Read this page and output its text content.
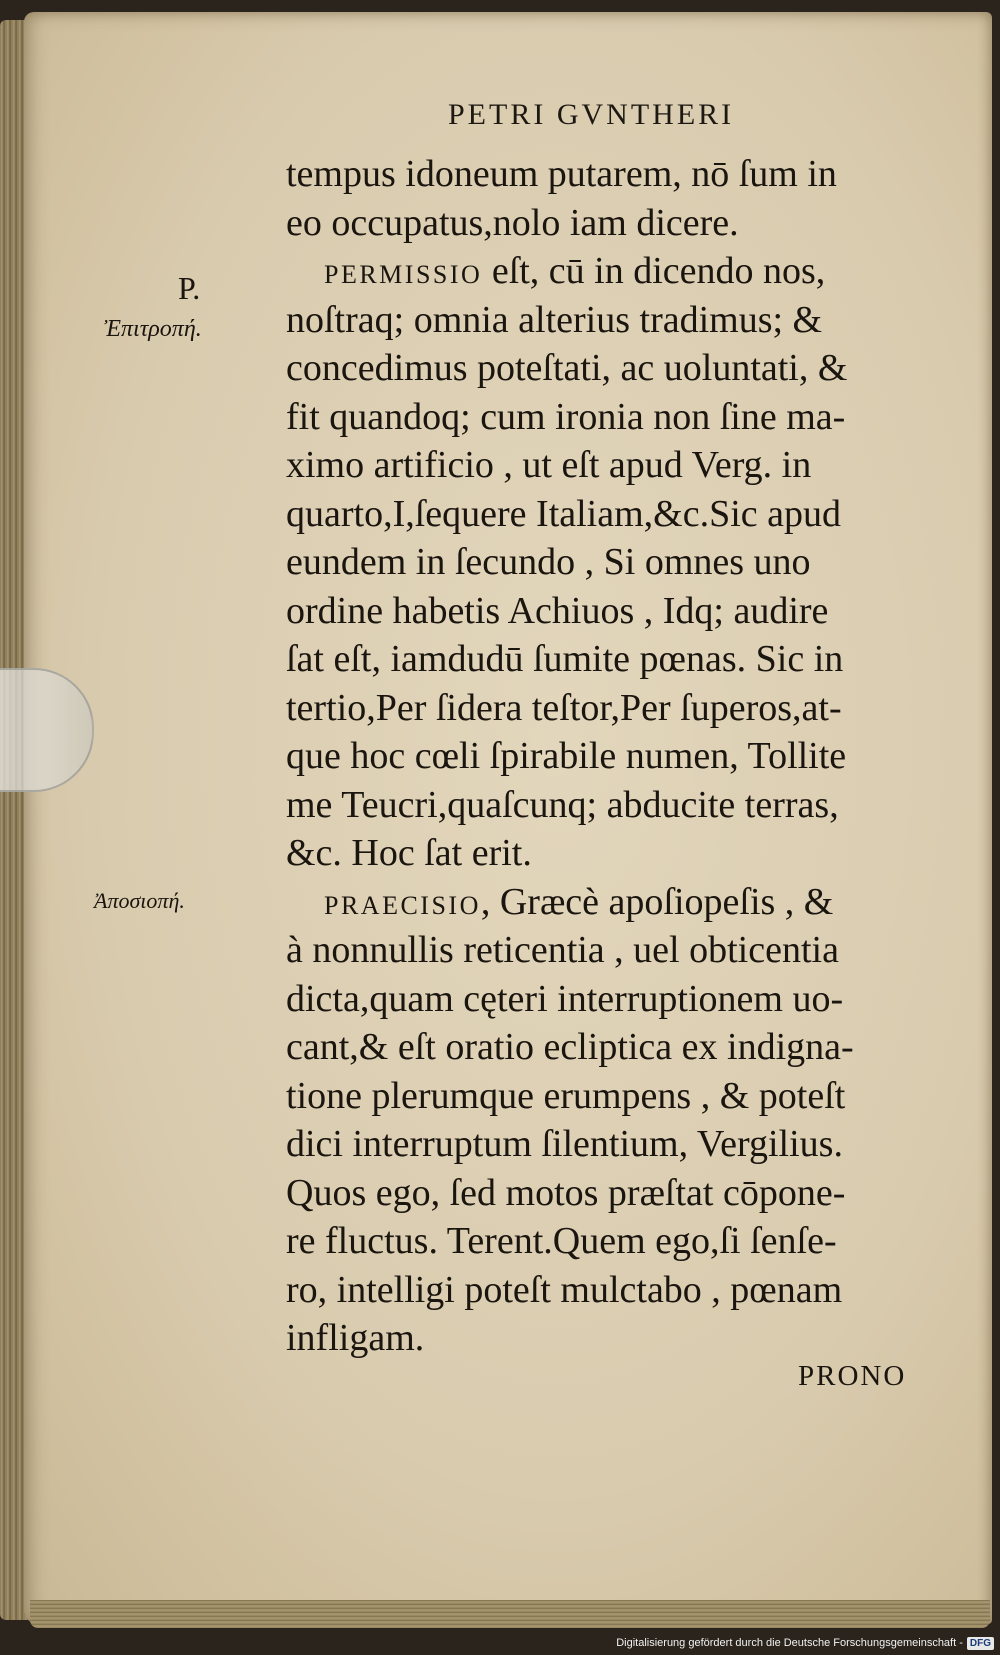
PETRI GVNTHERI
P.
Ἐπιτροπή.
Ἀποσιοπή.
tempus idoneum putarem, nō ſum in
eo occupatus,nolo iam dicere.
PERMISSIO eſt, cū in dicendo nos,
noſtraq; omnia alterius tradimus; &
concedimus poteſtati, ac uoluntati, &
fit quandoq; cum ironia non ſine ma-
ximo artificio , ut eſt apud Verg. in
quarto,I,ſequere Italiam,&c.Sic apud
eundem in ſecundo , Si omnes uno
ordine habetis Achiuos , Idq; audire
ſat eſt, iamdudū ſumite pœnas. Sic in
tertio,Per ſidera teſtor,Per ſuperos,at-
que hoc cœli ſpirabile numen, Tollite
me Teucri,quaſcunq; abducite terras,
&c. Hoc ſat erit.
PRAECISIO, Græcè apoſiopeſis , &
à nonnullis reticentia , uel obticentia
dicta,quam cęteri interruptionem uo-
cant,& eſt oratio ecliptica ex indigna-
tione plerumque erumpens , & poteſt
dici interruptum ſilentium, Vergilius.
Quos ego, ſed motos præſtat cōpone-
re fluctus. Terent.Quem ego,ſi ſenſe-
ro, intelligi poteſt mulctabo , pœnam
infligam.
PRONO
Digitalisierung gefördert durch die Deutsche Forschungsgemeinschaft - DFG
